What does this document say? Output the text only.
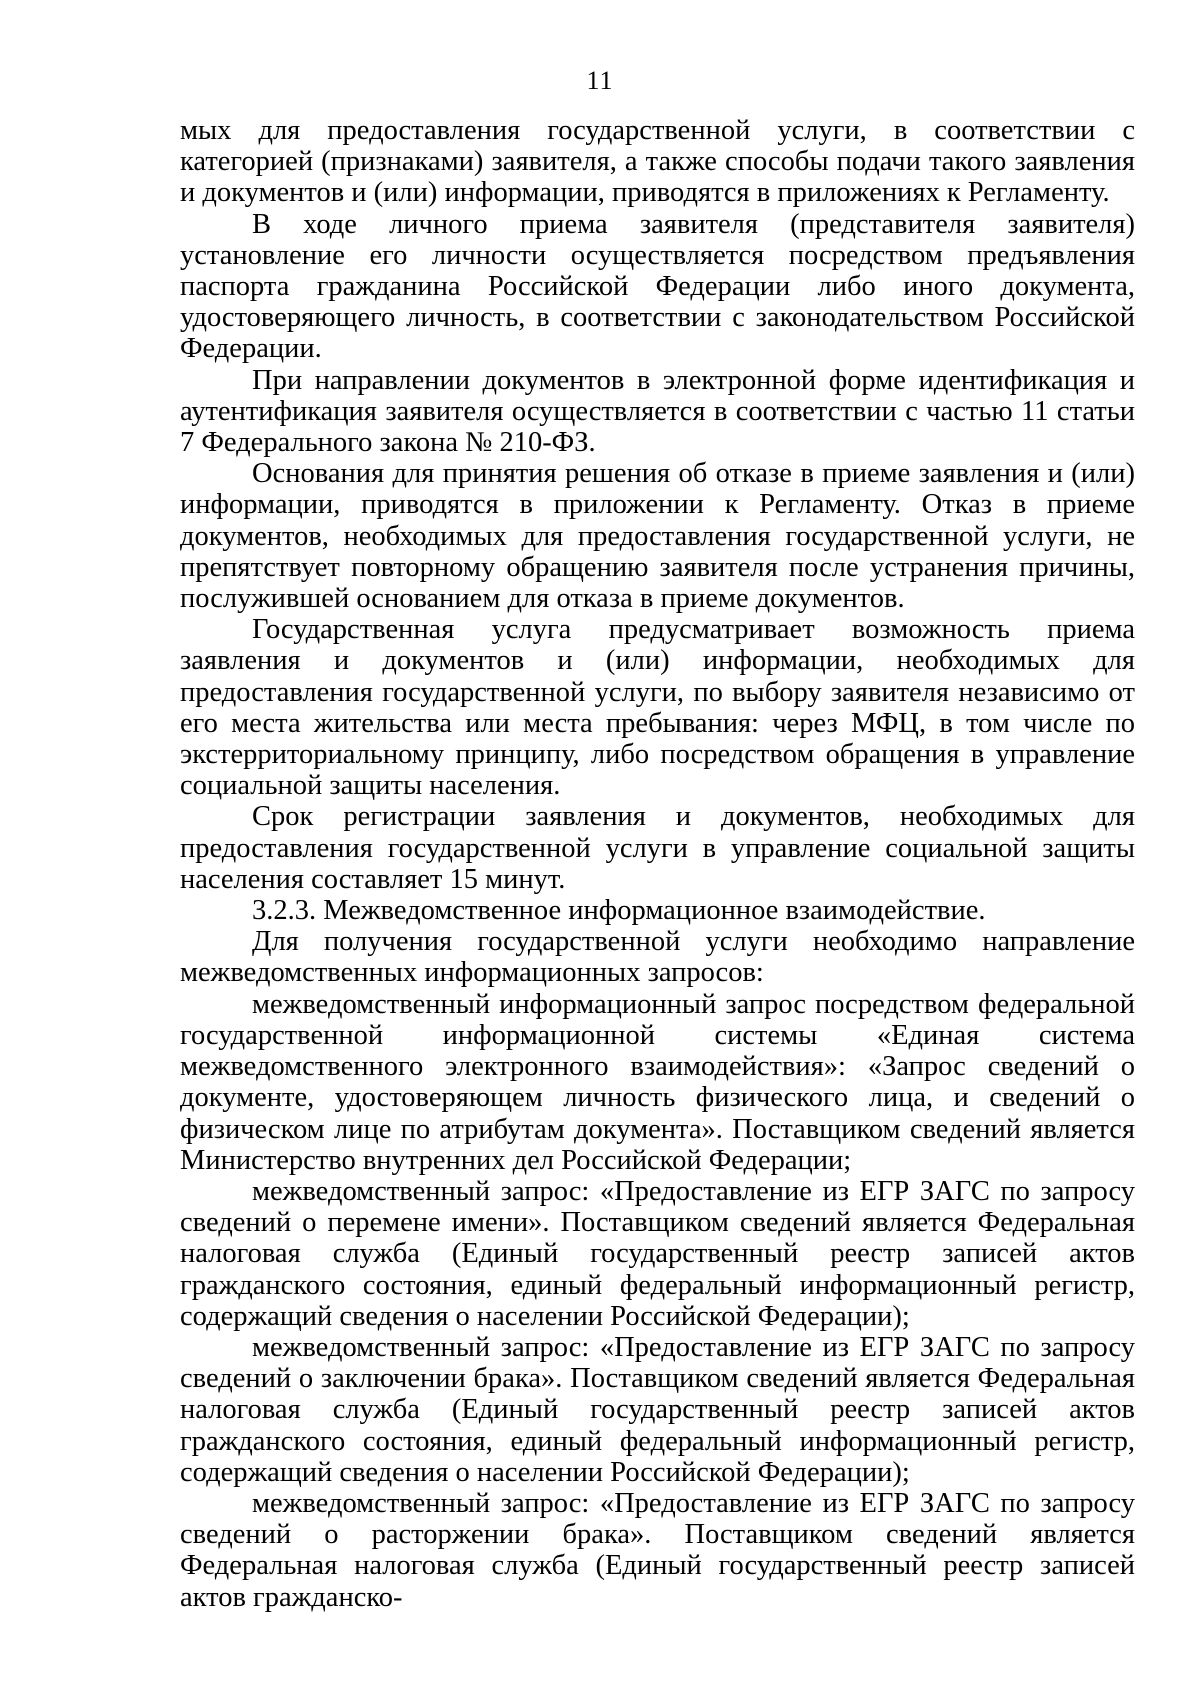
11

мых для предоставления государственной услуги, в соответствии с категорией (признаками) заявителя, а также способы подачи такого заявления и документов и (или) информации, приводятся в приложениях к Регламенту.

В ходе личного приема заявителя (представителя заявителя) установление его личности осуществляется посредством предъявления паспорта гражданина Российской Федерации либо иного документа, удостоверяющего личность, в соответствии с законодательством Российской Федерации.

При направлении документов в электронной форме идентификация и аутентификация заявителя осуществляется в соответствии с частью 11 статьи 7 Федерального закона № 210-ФЗ.

Основания для принятия решения об отказе в приеме заявления и (или) информации, приводятся в приложении к Регламенту. Отказ в приеме документов, необходимых для предоставления государственной услуги, не препятствует повторному обращению заявителя после устранения причины, послужившей основанием для отказа в приеме документов.

Государственная услуга предусматривает возможность приема заявления и документов и (или) информации, необходимых для предоставления государственной услуги, по выбору заявителя независимо от его места жительства или места пребывания: через МФЦ, в том числе по экстерриториальному принципу, либо посредством обращения в управление социальной защиты населения.

Срок регистрации заявления и документов, необходимых для предоставления государственной услуги в управление социальной защиты населения составляет 15 минут.

3.2.3. Межведомственное информационное взаимодействие.

Для получения государственной услуги необходимо направление межведомственных информационных запросов:

межведомственный информационный запрос посредством федеральной государственной информационной системы «Единая система межведомственного электронного взаимодействия»: «Запрос сведений о документе, удостоверяющем личность физического лица, и сведений о физическом лице по атрибутам документа». Поставщиком сведений является Министерство внутренних дел Российской Федерации;

межведомственный запрос: «Предоставление из ЕГР ЗАГС по запросу сведений о перемене имени». Поставщиком сведений является Федеральная налоговая служба (Единый государственный реестр записей актов гражданского состояния, единый федеральный информационный регистр, содержащий сведения о населении Российской Федерации);

межведомственный запрос: «Предоставление из ЕГР ЗАГС по запросу сведений о заключении брака». Поставщиком сведений является Федеральная налоговая служба (Единый государственный реестр записей актов гражданского состояния, единый федеральный информационный регистр, содержащий сведения о населении Российской Федерации);

межведомственный запрос: «Предоставление из ЕГР ЗАГС по запросу сведений о расторжении брака». Поставщиком сведений является Федеральная налоговая служба (Единый государственный реестр записей актов гражданско-
